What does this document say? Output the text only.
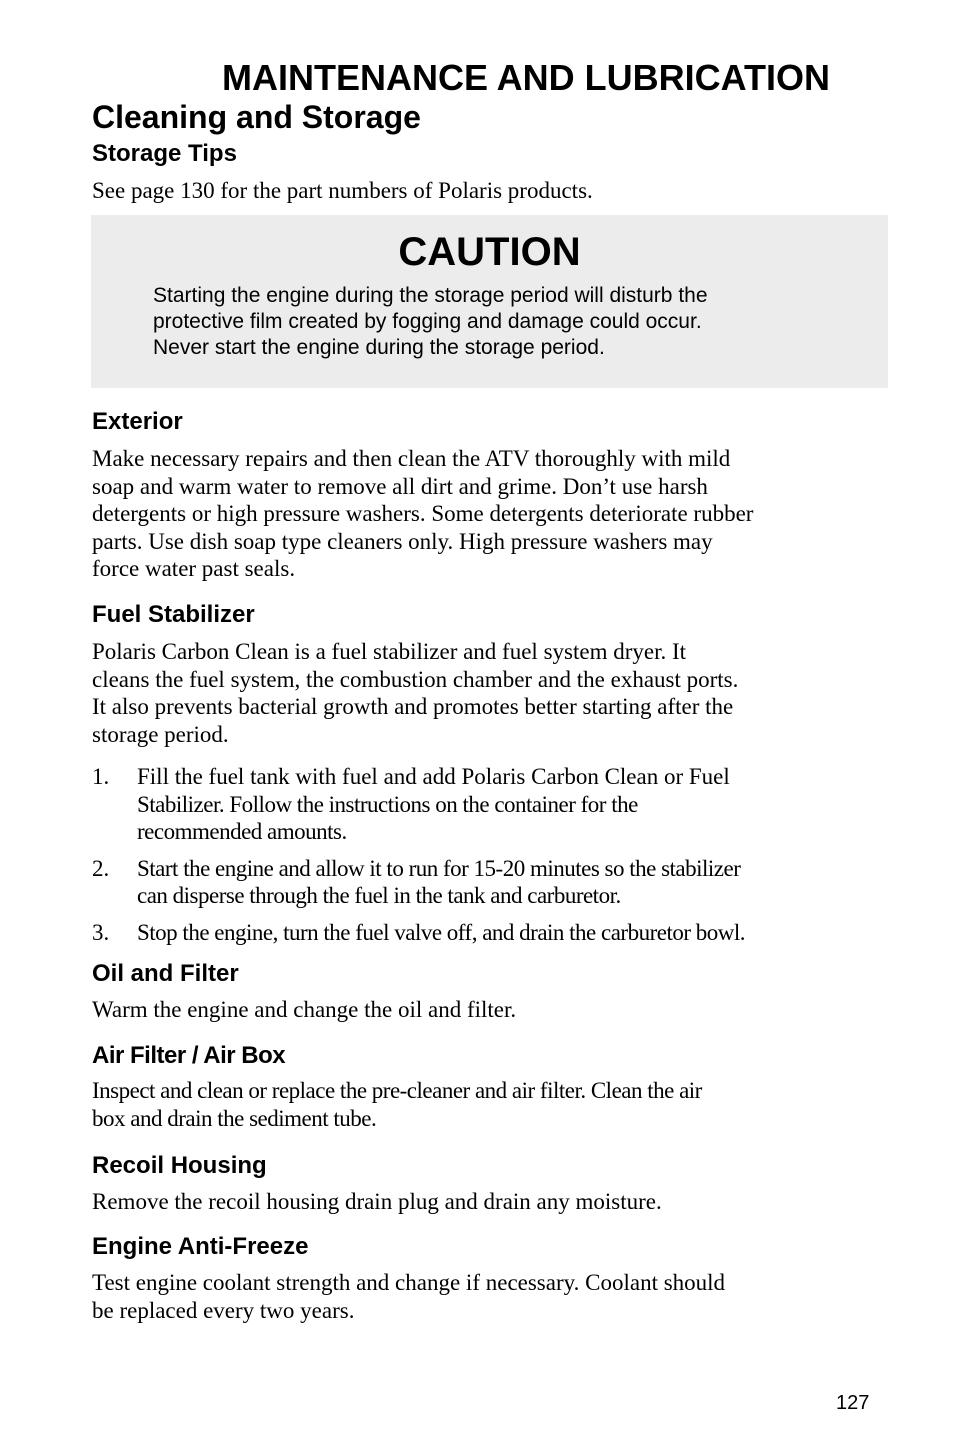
MAINTENANCE AND LUBRICATION
Cleaning and Storage
Storage Tips

See page 130 for the part numbers of Polaris products.

CAUTION
Starting the engine during the storage period will disturb the
protective film created by fogging and damage could occur.
Never start the engine during the storage period.
Exterior

Make necessary repairs and then clean the ATV thoroughly with mild
soap and warm water to remove all dirt and grime. Don’t use harsh
detergents or high pressure washers. Some detergents deteriorate rubber
parts. Use dish soap type cleaners only. High pressure washers may
force water past seals.

Fuel Stabilizer

Polaris Carbon Clean is a fuel stabilizer and fuel system dryer. It
cleans the fuel system, the combustion chamber and the exhaust ports.
It also prevents bacterial growth and promotes better starting after the
storage period.

1. Fill the fuel tank with fuel and add Polaris Carbon Clean or Fuel
Stabilizer. Follow the instructions on the container for the
recommended amounts.
2. Start the engine and allow it to run for 15-20 minutes so the stabilizer
can disperse through the fuel in the tank and carburetor.
3. Stop the engine, turn the fuel valve off, and drain the carburetor bowl.
Oil and Filter

Warm the engine and change the oil and filter.

Air Filter / Air Box

Inspect and clean or replace the pre-cleaner and air filter. Clean the air
box and drain the sediment tube.

Recoil Housing

Remove the recoil housing drain plug and drain any moisture.

Engine Anti-Freeze

Test engine coolant strength and change if necessary. Coolant should
be replaced every two years.

127
